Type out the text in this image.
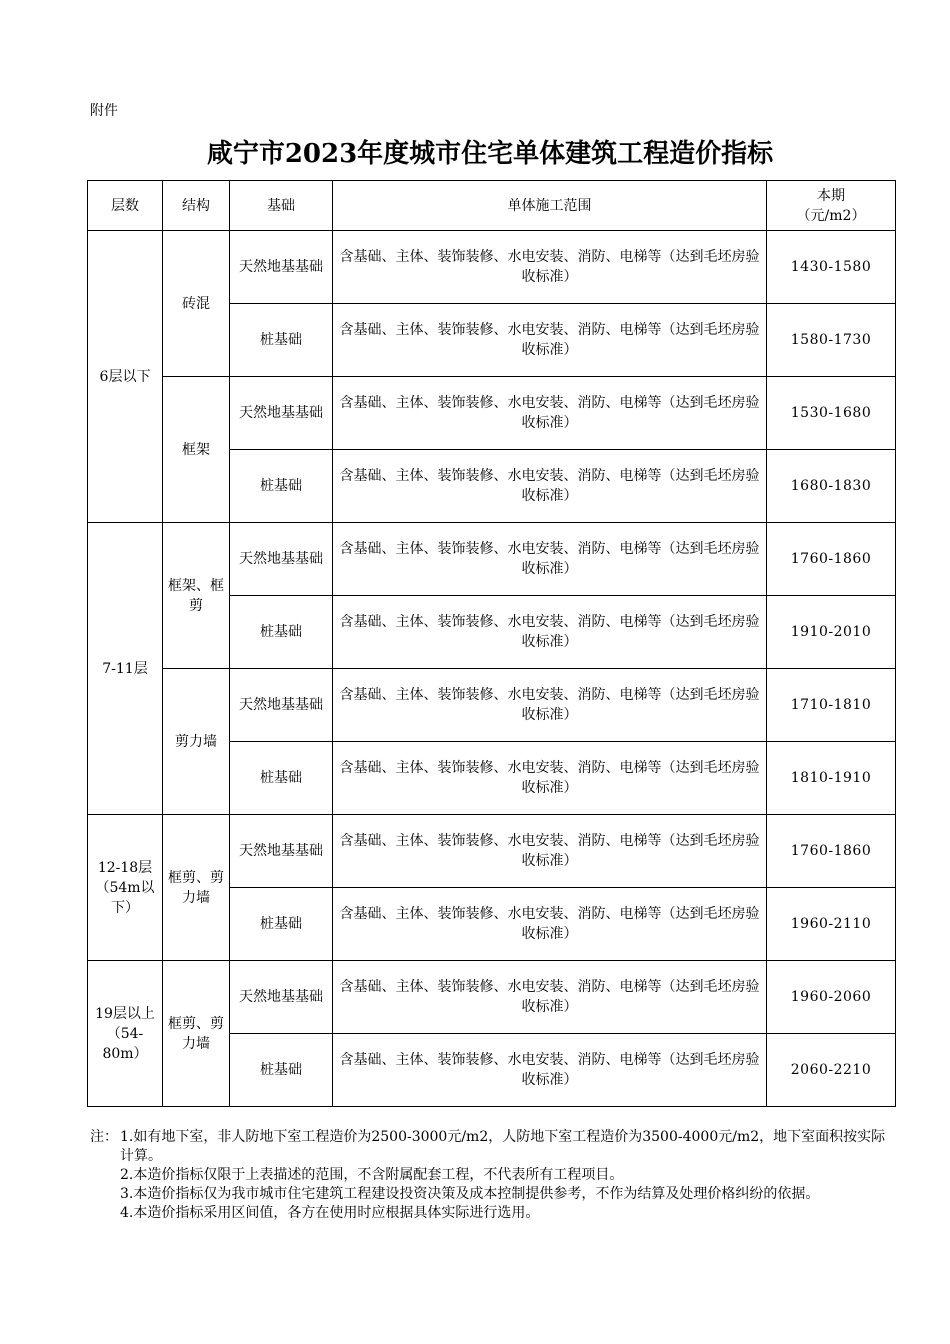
附件
咸宁市2023年度城市住宅单体建筑工程造价指标
层数	结构	基础	单体施工范围	本期
（元/m2）

6层以下	砖混	天然地基基础	含基础、主体、装饰装修、水电安装、消防、电梯等（达到毛坯房验收标准）	1430-1580
		桩基础	含基础、主体、装饰装修、水电安装、消防、电梯等（达到毛坯房验收标准）	1580-1730
	框架	天然地基基础	含基础、主体、装饰装修、水电安装、消防、电梯等（达到毛坯房验收标准）	1530-1680
		桩基础	含基础、主体、装饰装修、水电安装、消防、电梯等（达到毛坯房验收标准）	1680-1830
7-11层	框架、框剪	天然地基基础	含基础、主体、装饰装修、水电安装、消防、电梯等（达到毛坯房验收标准）	1760-1860
		桩基础	含基础、主体、装饰装修、水电安装、消防、电梯等（达到毛坯房验收标准）	1910-2010
	剪力墙	天然地基基础	含基础、主体、装饰装修、水电安装、消防、电梯等（达到毛坯房验收标准）	1710-1810
		桩基础	含基础、主体、装饰装修、水电安装、消防、电梯等（达到毛坯房验收标准）	1810-1910
12-18层（54m以下）	框剪、剪力墙	天然地基基础	含基础、主体、装饰装修、水电安装、消防、电梯等（达到毛坯房验收标准）	1760-1860
		桩基础	含基础、主体、装饰装修、水电安装、消防、电梯等（达到毛坯房验收标准）	1960-2110
19层以上（54-80m）	框剪、剪力墙	天然地基基础	含基础、主体、装饰装修、水电安装、消防、电梯等（达到毛坯房验收标准）	1960-2060
		桩基础	含基础、主体、装饰装修、水电安装、消防、电梯等（达到毛坯房验收标准）	2060-2210
注： 1.如有地下室，非人防地下室工程造价为2500-3000元/m2，人防地下室工程造价为3500-4000元/m2，地下室面积按实际计算。
2.本造价指标仅限于上表描述的范围，不含附属配套工程，不代表所有工程项目。
3.本造价指标仅为我市城市住宅建筑工程建设投资决策及成本控制提供参考，不作为结算及处理价格纠纷的依据。
4.本造价指标采用区间值，各方在使用时应根据具体实际进行选用。
